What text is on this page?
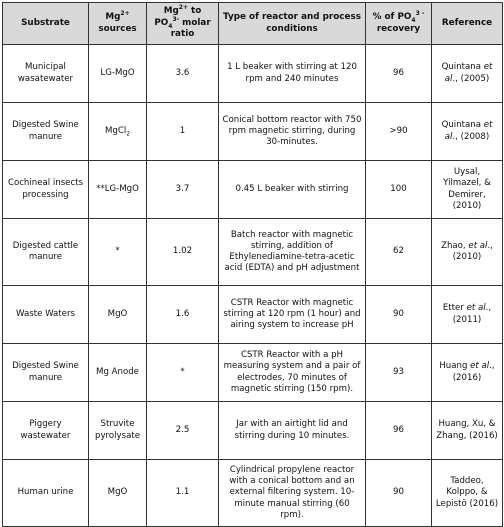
Substrate	$Mg^{2+}$ sources	$Mg^{2+}$ to $PO_4^{3-}$ molar ratio	Type of reactor and process conditions	% of $PO_4^{3 -}$ recovery	Reference
Municipal wasatewater	LG-MgO	3.6	1 L beaker with stirring at 120 rpm and 240 minutes	96	Quintana et al., (2005)
Digested Swine manure	MgCl$_2$	1	Conical bottom reactor with 750 rpm magnetic stirring, during 30-minutes.	>90	Quintana et al., (2008)
Cochineal insects processing	**LG-MgO	3.7	0.45 L beaker with stirring	100	Uysal, Yilmazel, & Demirer, (2010)
Digested cattle manure	*	1.02	Batch reactor with magnetic stirring, addition of Ethylenediamine-tetra-acetic acid (EDTA) and pH adjustment	62	Zhao, et al., (2010)
Waste Waters	MgO	1.6	CSTR Reactor with magnetic stirring at 120 rpm (1 hour) and airing system to increase pH	90	Etter et al., (2011)
Digested Swine manure	Mg Anode	*	CSTR Reactor with a pH measuring system and a pair of electrodes, 70 minutes of magnetic stirring (150 rpm).	93	Huang et al., (2016)
Piggery wastewater	Struvite pyrolysate	2.5	Jar with an airtight lid and stirring during 10 minutes.	96	Huang, Xu, & Zhang, (2016)
Human urine	MgO	1.1	Cylindrical propylene reactor with a conical bottom and an external filtering system. 10-minute manual stirring (60 rpm).	90	Taddeo, Kolppo, & Lepistö (2016)
